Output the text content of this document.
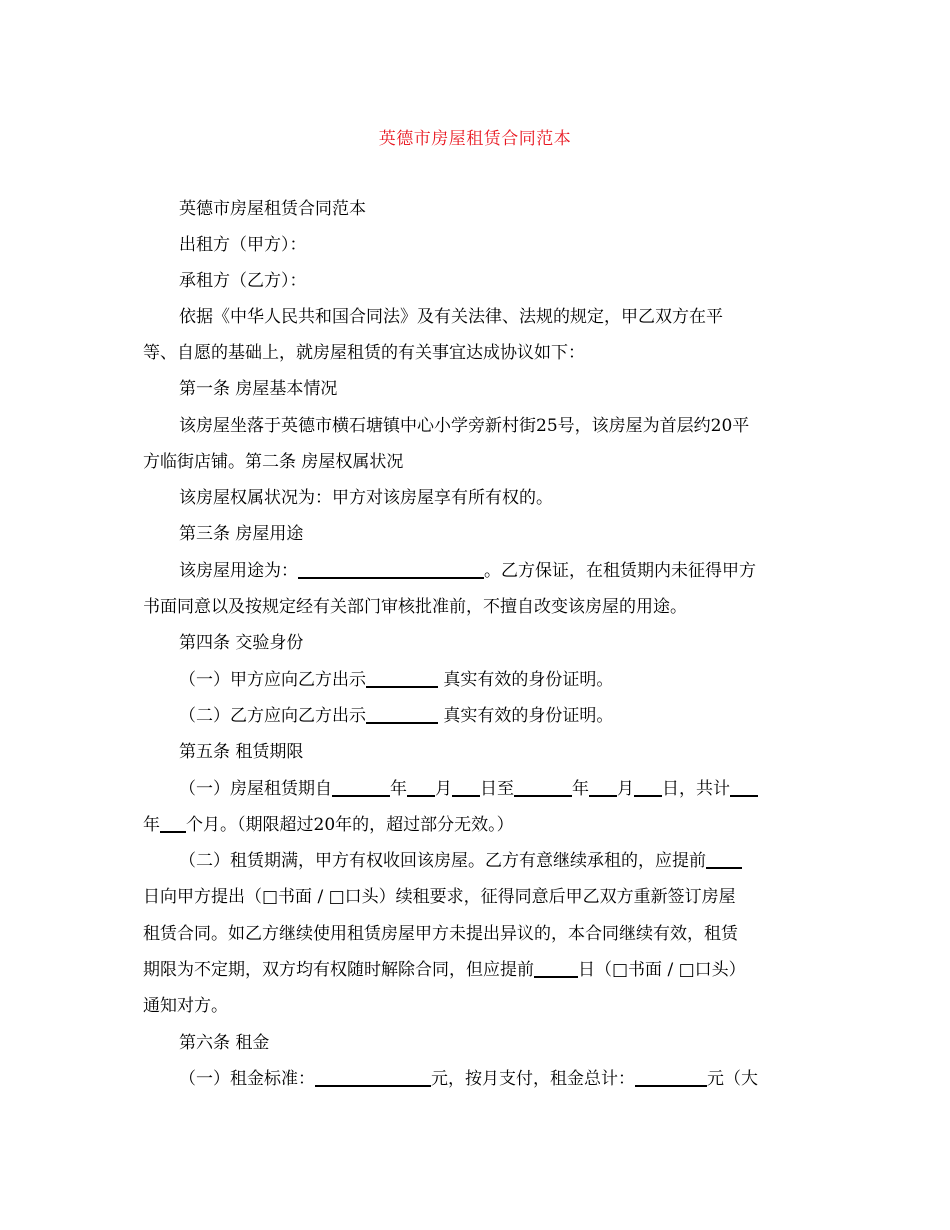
英德市房屋租赁合同范本
英德市房屋租赁合同范本
出租方（甲方）：
承租方（乙方）：
依据《中华人民共和国合同法》及有关法律、法规的规定，甲乙双方在平
等、自愿的基础上，就房屋租赁的有关事宜达成协议如下：
第一条 房屋基本情况
该房屋坐落于英德市横石塘镇中心小学旁新村街25号，该房屋为首层约20平
方临街店铺。第二条 房屋权属状况
该房屋权属状况为：甲方对该房屋享有所有权的。
第三条 房屋用途
该房屋用途为：	。乙方保证，在租赁期内未征得甲方
书面同意以及按规定经有关部门审核批准前，不擅自改变该房屋的用途。
第四条 交验身份
（一）甲方应向乙方出示	真实有效的身份证明。
（二）乙方应向乙方出示	真实有效的身份证明。
第五条 租赁期限
（一）房屋租赁期自	年 月 日至	年 月 日，共计
年 个月。（期限超过20年的，超过部分无效。）
（二）租赁期满，甲方有权收回该房屋。乙方有意继续承租的，应提前
日向甲方提出（□书面 / □口头）续租要求，征得同意后甲乙双方重新签订房屋
租赁合同。如乙方继续使用租赁房屋甲方未提出异议的，本合同继续有效，租赁
期限为不定期，双方均有权随时解除合同，但应提前	日（□书面 / □口头）
通知对方。
第六条 租金
（一）租金标准：	元，按月支付，租金总计：	元（大
